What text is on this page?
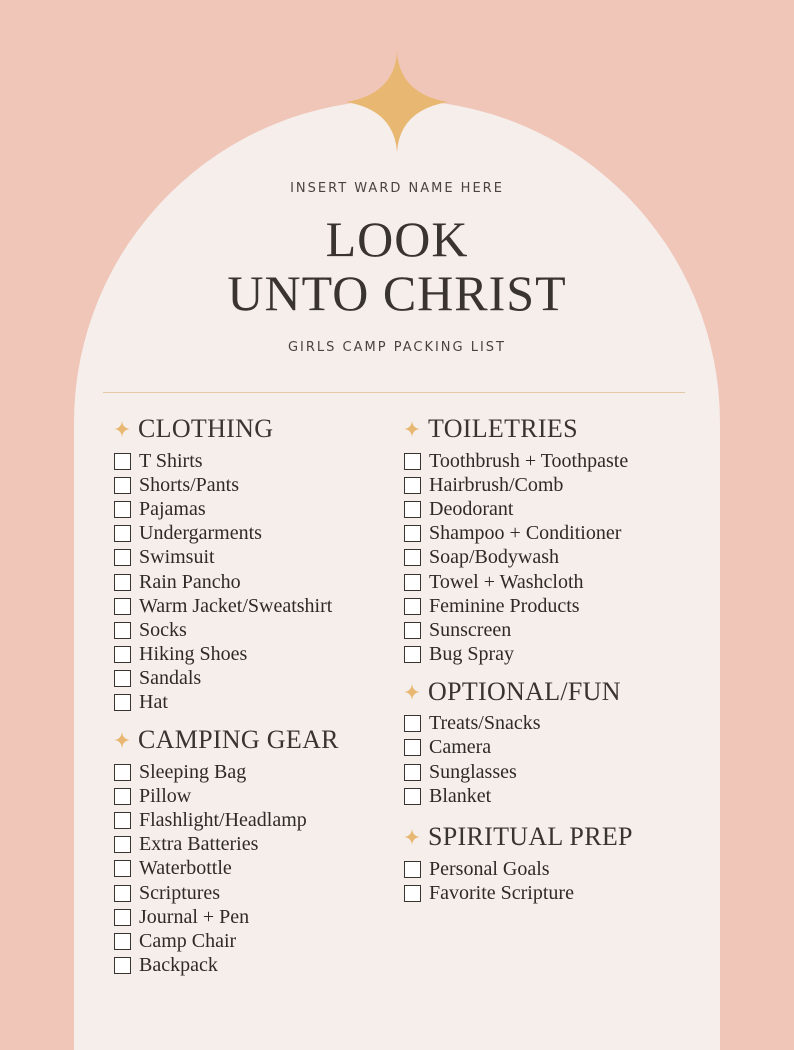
INSERT WARD NAME HERE
LOOK
UNTO CHRIST
GIRLS CAMP PACKING LIST
CLOTHING
T Shirts
Shorts/Pants
Pajamas
Undergarments
Swimsuit
Rain Pancho
Warm Jacket/Sweatshirt
Socks
Hiking Shoes
Sandals
Hat
CAMPING GEAR
Sleeping Bag
Pillow
Flashlight/Headlamp
Extra Batteries
Waterbottle
Scriptures
Journal + Pen
Camp Chair
Backpack
TOILETRIES
Toothbrush + Toothpaste
Hairbrush/Comb
Deodorant
Shampoo + Conditioner
Soap/Bodywash
Towel + Washcloth
Feminine Products
Sunscreen
Bug Spray
OPTIONAL/FUN
Treats/Snacks
Camera
Sunglasses
Blanket
SPIRITUAL PREP
Personal Goals
Favorite Scripture
